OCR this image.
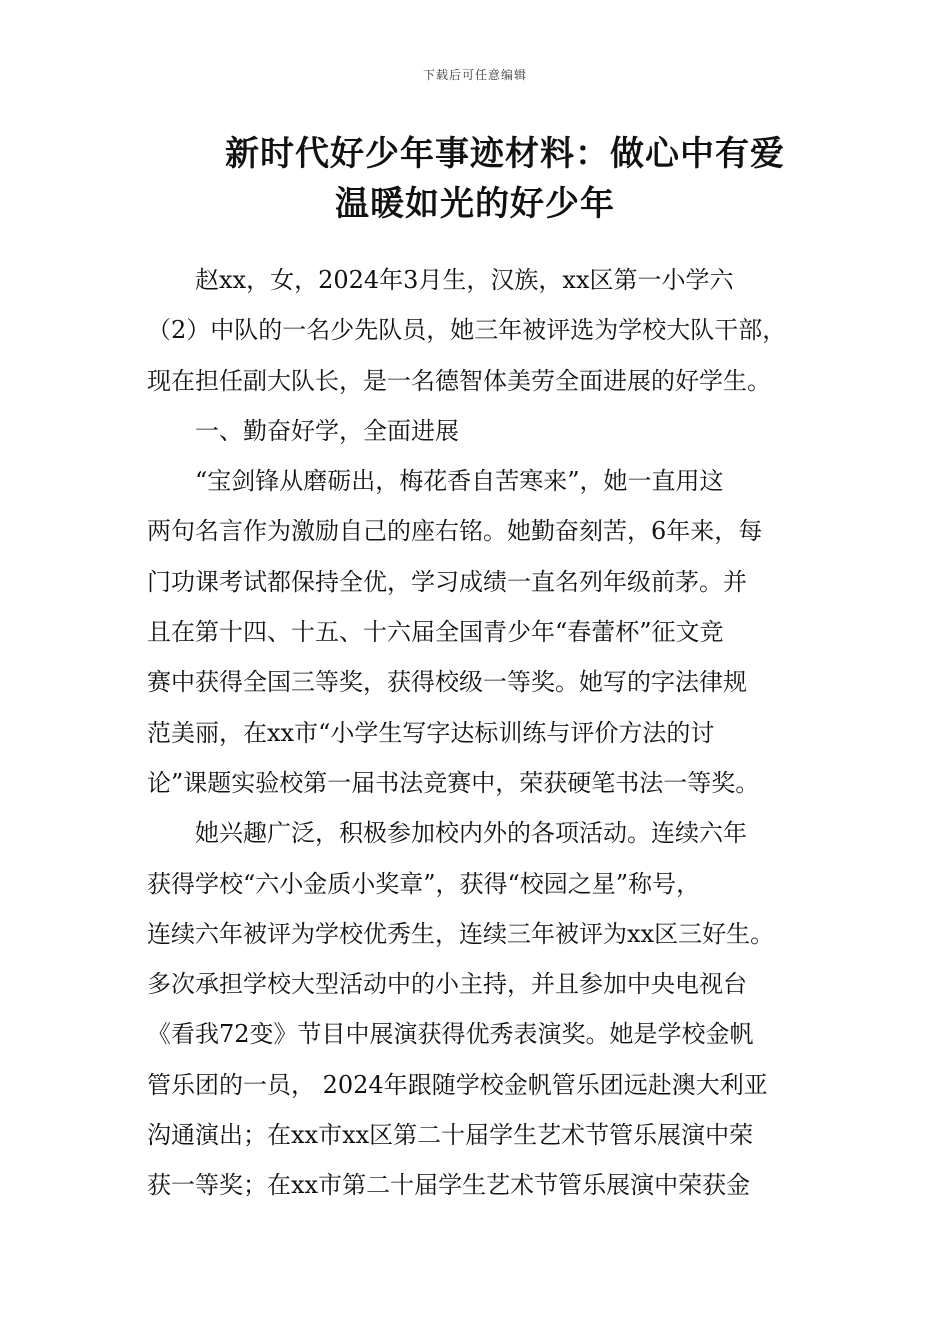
下载后可任意编辑
新时代好少年事迹材料：做心中有爱
温暖如光的好少年
赵xx，女，2024年3月生，汉族，xx区第一小学六
（2）中队的一名少先队员，她三年被评选为学校大队干部，
现在担任副大队长，是一名德智体美劳全面进展的好学生。
一、勤奋好学，全面进展
“宝剑锋从磨砺出，梅花香自苦寒来”，她一直用这
两句名言作为激励自己的座右铭。她勤奋刻苦，6年来，每
门功课考试都保持全优，学习成绩一直名列年级前茅。并
且在第十四、十五、十六届全国青少年“春蕾杯”征文竞
赛中获得全国三等奖，获得校级一等奖。她写的字法律规
范美丽，在xx市“小学生写字达标训练与评价方法的讨
论”课题实验校第一届书法竞赛中，荣获硬笔书法一等奖。
她兴趣广泛，积极参加校内外的各项活动。连续六年
获得学校“六小金质小奖章”，获得“校园之星”称号，
连续六年被评为学校优秀生，连续三年被评为xx区三好生。
多次承担学校大型活动中的小主持，并且参加中央电视台
《看我72变》节目中展演获得优秀表演奖。她是学校金帆
管乐团的一员， 2024年跟随学校金帆管乐团远赴澳大利亚
沟通演出；在xx市xx区第二十届学生艺术节管乐展演中荣
获一等奖；在xx市第二十届学生艺术节管乐展演中荣获金
